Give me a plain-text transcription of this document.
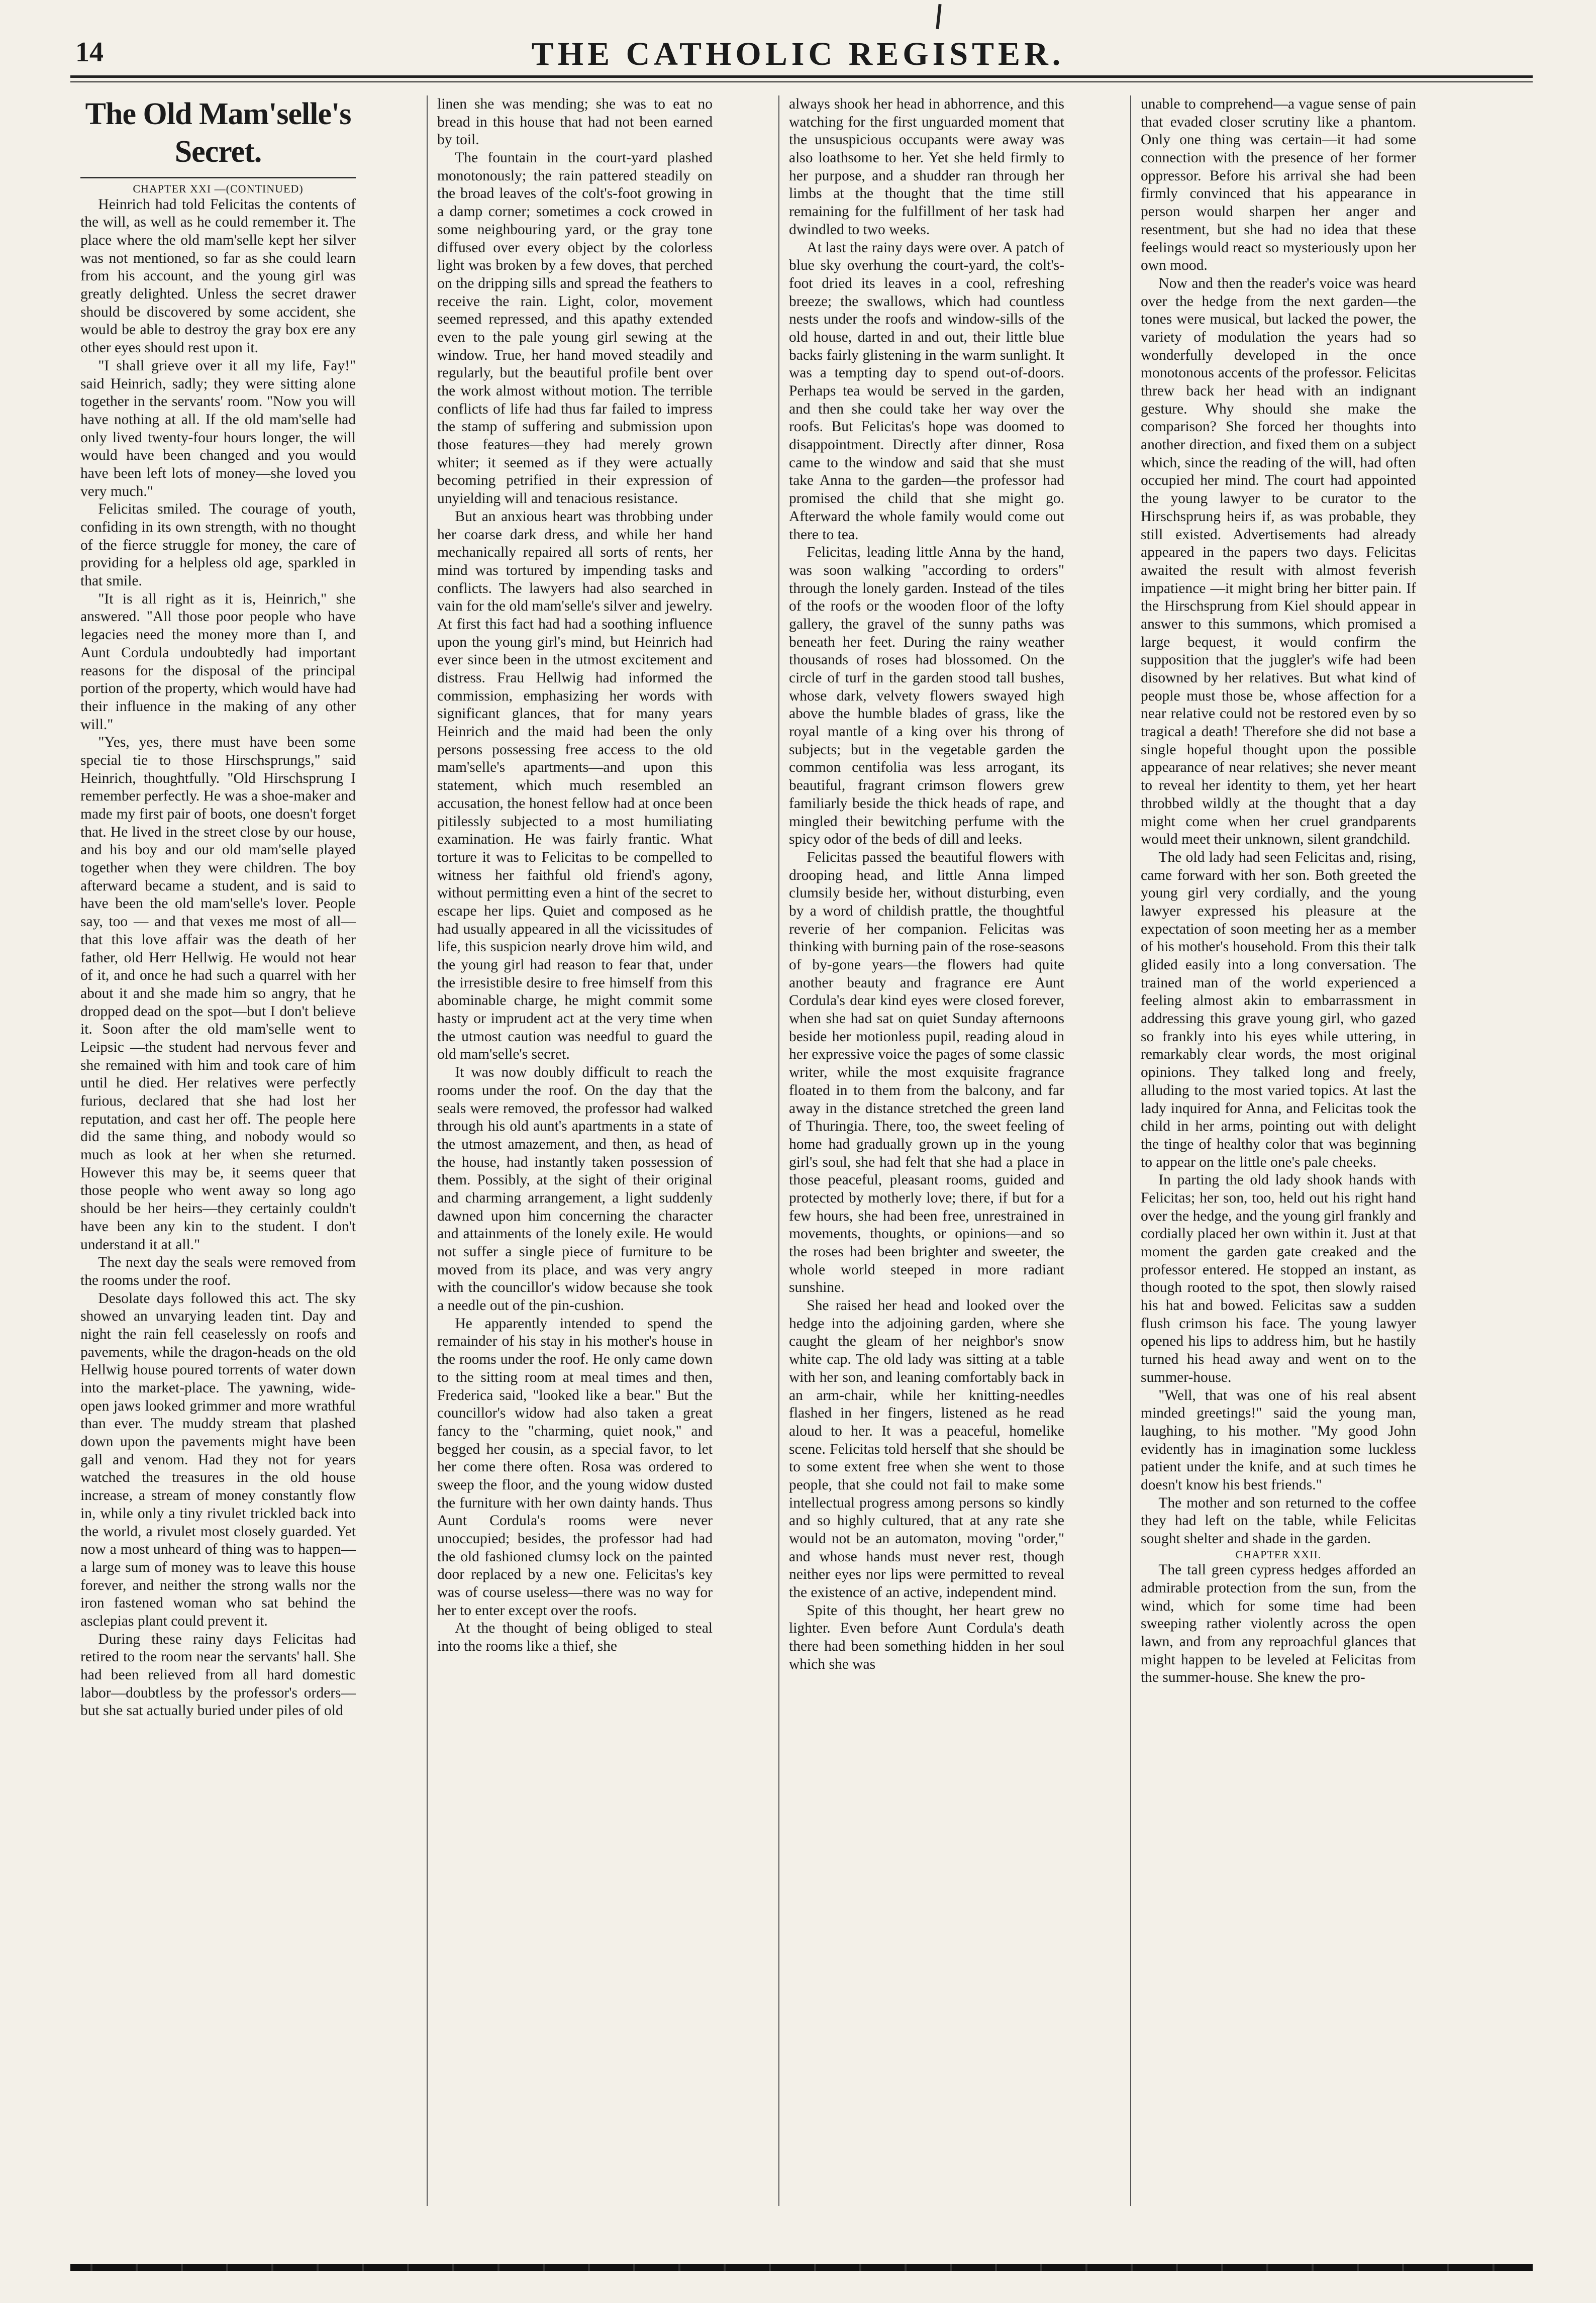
14	THE CATHOLIC REGISTER.
The Old Mam'selle's Secret.

CHAPTER XXI —(CONTINUED)

Heinrich had told Felicitas the contents of the will, as well as he could remember it. The place where the old mam'selle kept her silver was not mentioned, so far as she could learn from his account, and the young girl was greatly delighted. Unless the secret drawer should be discovered by some accident, she would be able to destroy the gray box ere any other eyes should rest upon it.

"I shall grieve over it all my life, Fay!" said Heinrich, sadly; they were sitting alone together in the servants' room. "Now you will have nothing at all. If the old mam'selle had only lived twenty-four hours longer, the will would have been changed and you would have been left lots of money—she loved you very much."

Felicitas smiled. The courage of youth, confiding in its own strength, with no thought of the fierce struggle for money, the care of providing for a helpless old age, sparkled in that smile.

"It is all right as it is, Heinrich," she answered. "All those poor people who have legacies need the money more than I, and Aunt Cordula undoubtedly had important reasons for the disposal of the principal portion of the property, which would have had their influence in the making of any other will."

"Yes, yes, there must have been some special tie to those Hirschsprungs," said Heinrich, thoughtfully. "Old Hirschsprung I remember perfectly. He was a shoe-maker and made my first pair of boots, one doesn't forget that. He lived in the street close by our house, and his boy and our old mam'selle played together when they were children. The boy afterward became a student, and is said to have been the old mam'selle's lover. People say, too — and that vexes me most of all—that this love affair was the death of her father, old Herr Hellwig. He would not hear of it, and once he had such a quarrel with her about it and she made him so angry, that he dropped dead on the spot—but I don't believe it. Soon after the old mam'selle went to Leipsic —the student had nervous fever and she remained with him and took care of him until he died. Her relatives were perfectly furious, declared that she had lost her reputation, and cast her off. The people here did the same thing, and nobody would so much as look at her when she returned. However this may be, it seems queer that those people who went away so long ago should be her heirs—they certainly couldn't have been any kin to the student. I don't understand it at all."

The next day the seals were removed from the rooms under the roof.

Desolate days followed this act. The sky showed an unvarying leaden tint. Day and night the rain fell ceaselessly on roofs and pavements, while the dragon-heads on the old Hellwig house poured torrents of water down into the market-place. The yawning, wide-open jaws looked grimmer and more wrathful than ever. The muddy stream that plashed down upon the pavements might have been gall and venom. Had they not for years watched the treasures in the old house increase, a stream of money constantly flow in, while only a tiny rivulet trickled back into the world, a rivulet most closely guarded. Yet now a most unheard of thing was to happen—a large sum of money was to leave this house forever, and neither the strong walls nor the iron fastened woman who sat behind the asclepias plant could prevent it.

During these rainy days Felicitas had retired to the room near the servants' hall. She had been relieved from all hard domestic labor—doubtless by the professor's orders—but she sat actually buried under piles of old

linen she was mending; she was to eat no bread in this house that had not been earned by toil.

The fountain in the court-yard plashed monotonously; the rain pattered steadily on the broad leaves of the colt's-foot growing in a damp corner; sometimes a cock crowed in some neighbouring yard, or the gray tone diffused over every object by the colorless light was broken by a few doves, that perched on the dripping sills and spread the feathers to receive the rain. Light, color, movement seemed repressed, and this apathy extended even to the pale young girl sewing at the window. True, her hand moved steadily and regularly, but the beautiful profile bent over the work almost without motion. The terrible conflicts of life had thus far failed to impress the stamp of suffering and submission upon those features—they had merely grown whiter; it seemed as if they were actually becoming petrified in their expression of unyielding will and tenacious resistance.

But an anxious heart was throbbing under her coarse dark dress, and while her hand mechanically repaired all sorts of rents, her mind was tortured by impending tasks and conflicts. The lawyers had also searched in vain for the old mam'selle's silver and jewelry. At first this fact had had a soothing influence upon the young girl's mind, but Heinrich had ever since been in the utmost excitement and distress. Frau Hellwig had informed the commission, emphasizing her words with significant glances, that for many years Heinrich and the maid had been the only persons possessing free access to the old mam'selle's apartments—and upon this statement, which much resembled an accusation, the honest fellow had at once been pitilessly subjected to a most humiliating examination. He was fairly frantic. What torture it was to Felicitas to be compelled to witness her faithful old friend's agony, without permitting even a hint of the secret to escape her lips. Quiet and composed as he had usually appeared in all the vicissitudes of life, this suspicion nearly drove him wild, and the young girl had reason to fear that, under the irresistible desire to free himself from this abominable charge, he might commit some hasty or imprudent act at the very time when the utmost caution was needful to guard the old mam'selle's secret.

It was now doubly difficult to reach the rooms under the roof. On the day that the seals were removed, the professor had walked through his old aunt's apartments in a state of the utmost amazement, and then, as head of the house, had instantly taken possession of them. Possibly, at the sight of their original and charming arrangement, a light suddenly dawned upon him concerning the character and attainments of the lonely exile. He would not suffer a single piece of furniture to be moved from its place, and was very angry with the councillor's widow because she took a needle out of the pin-cushion.

He apparently intended to spend the remainder of his stay in his mother's house in the rooms under the roof. He only came down to the sitting room at meal times and then, Frederica said, "looked like a bear." But the councillor's widow had also taken a great fancy to the "charming, quiet nook," and begged her cousin, as a special favor, to let her come there often. Rosa was ordered to sweep the floor, and the young widow dusted the furniture with her own dainty hands. Thus Aunt Cordula's rooms were never unoccupied; besides, the professor had had the old fashioned clumsy lock on the painted door replaced by a new one. Felicitas's key was of course useless—there was no way for her to enter except over the roofs.

At the thought of being obliged to steal into the rooms like a thief, she

always shook her head in abhorrence, and this watching for the first unguarded moment that the unsuspicious occupants were away was also loathsome to her. Yet she held firmly to her purpose, and a shudder ran through her limbs at the thought that the time still remaining for the fulfillment of her task had dwindled to two weeks.

At last the rainy days were over. A patch of blue sky overhung the court-yard, the colt's-foot dried its leaves in a cool, refreshing breeze; the swallows, which had countless nests under the roofs and window-sills of the old house, darted in and out, their little blue backs fairly glistening in the warm sunlight. It was a tempting day to spend out-of-doors. Perhaps tea would be served in the garden, and then she could take her way over the roofs. But Felicitas's hope was doomed to disappointment. Directly after dinner, Rosa came to the window and said that she must take Anna to the garden—the professor had promised the child that she might go. Afterward the whole family would come out there to tea.

Felicitas, leading little Anna by the hand, was soon walking "according to orders" through the lonely garden. Instead of the tiles of the roofs or the wooden floor of the lofty gallery, the gravel of the sunny paths was beneath her feet. During the rainy weather thousands of roses had blossomed. On the circle of turf in the garden stood tall bushes, whose dark, velvety flowers swayed high above the humble blades of grass, like the royal mantle of a king over his throng of subjects; but in the vegetable garden the common centifolia was less arrogant, its beautiful, fragrant crimson flowers grew familiarly beside the thick heads of rape, and mingled their bewitching perfume with the spicy odor of the beds of dill and leeks.

Felicitas passed the beautiful flowers with drooping head, and little Anna limped clumsily beside her, without disturbing, even by a word of childish prattle, the thoughtful reverie of her companion. Felicitas was thinking with burning pain of the rose-seasons of by-gone years—the flowers had quite another beauty and fragrance ere Aunt Cordula's dear kind eyes were closed forever, when she had sat on quiet Sunday afternoons beside her motionless pupil, reading aloud in her expressive voice the pages of some classic writer, while the most exquisite fragrance floated in to them from the balcony, and far away in the distance stretched the green land of Thuringia. There, too, the sweet feeling of home had gradually grown up in the young girl's soul, she had felt that she had a place in those peaceful, pleasant rooms, guided and protected by motherly love; there, if but for a few hours, she had been free, unrestrained in movements, thoughts, or opinions—and so the roses had been brighter and sweeter, the whole world steeped in more radiant sunshine.

She raised her head and looked over the hedge into the adjoining garden, where she caught the gleam of her neighbor's snow white cap. The old lady was sitting at a table with her son, and leaning comfortably back in an arm-chair, while her knitting-needles flashed in her fingers, listened as he read aloud to her. It was a peaceful, homelike scene. Felicitas told herself that she should be to some extent free when she went to those people, that she could not fail to make some intellectual progress among persons so kindly and so highly cultured, that at any rate she would not be an automaton, moving "order," and whose hands must never rest, though neither eyes nor lips were permitted to reveal the existence of an active, independent mind.

Spite of this thought, her heart grew no lighter. Even before Aunt Cordula's death there had been something hidden in her soul which she was

unable to comprehend—a vague sense of pain that evaded closer scrutiny like a phantom. Only one thing was certain—it had some connection with the presence of her former oppressor. Before his arrival she had been firmly convinced that his appearance in person would sharpen her anger and resentment, but she had no idea that these feelings would react so mysteriously upon her own mood.

Now and then the reader's voice was heard over the hedge from the next garden—the tones were musical, but lacked the power, the variety of modulation the years had so wonderfully developed in the once monotonous accents of the professor. Felicitas threw back her head with an indignant gesture. Why should she make the comparison? She forced her thoughts into another direction, and fixed them on a subject which, since the reading of the will, had often occupied her mind. The court had appointed the young lawyer to be curator to the Hirschsprung heirs if, as was probable, they still existed. Advertisements had already appeared in the papers two days. Felicitas awaited the result with almost feverish impatience —it might bring her bitter pain. If the Hirschsprung from Kiel should appear in answer to this summons, which promised a large bequest, it would confirm the supposition that the juggler's wife had been disowned by her relatives. But what kind of people must those be, whose affection for a near relative could not be restored even by so tragical a death! Therefore she did not base a single hopeful thought upon the possible appearance of near relatives; she never meant to reveal her identity to them, yet her heart throbbed wildly at the thought that a day might come when her cruel grandparents would meet their unknown, silent grandchild.

The old lady had seen Felicitas and, rising, came forward with her son. Both greeted the young girl very cordially, and the young lawyer expressed his pleasure at the expectation of soon meeting her as a member of his mother's household. From this their talk glided easily into a long conversation. The trained man of the world experienced a feeling almost akin to embarrassment in addressing this grave young girl, who gazed so frankly into his eyes while uttering, in remarkably clear words, the most original opinions. They talked long and freely, alluding to the most varied topics. At last the lady inquired for Anna, and Felicitas took the child in her arms, pointing out with delight the tinge of healthy color that was beginning to appear on the little one's pale cheeks.

In parting the old lady shook hands with Felicitas; her son, too, held out his right hand over the hedge, and the young girl frankly and cordially placed her own within it. Just at that moment the garden gate creaked and the professor entered. He stopped an instant, as though rooted to the spot, then slowly raised his hat and bowed. Felicitas saw a sudden flush crimson his face. The young lawyer opened his lips to address him, but he hastily turned his head away and went on to the summer-house.

"Well, that was one of his real absent minded greetings!" said the young man, laughing, to his mother. "My good John evidently has in imagination some luckless patient under the knife, and at such times he doesn't know his best friends."

The mother and son returned to the coffee they had left on the table, while Felicitas sought shelter and shade in the garden.

CHAPTER XXII.

The tall green cypress hedges afforded an admirable protection from the sun, from the wind, which for some time had been sweeping rather violently across the open lawn, and from any reproachful glances that might happen to be leveled at Felicitas from the summer-house. She knew the pro-
